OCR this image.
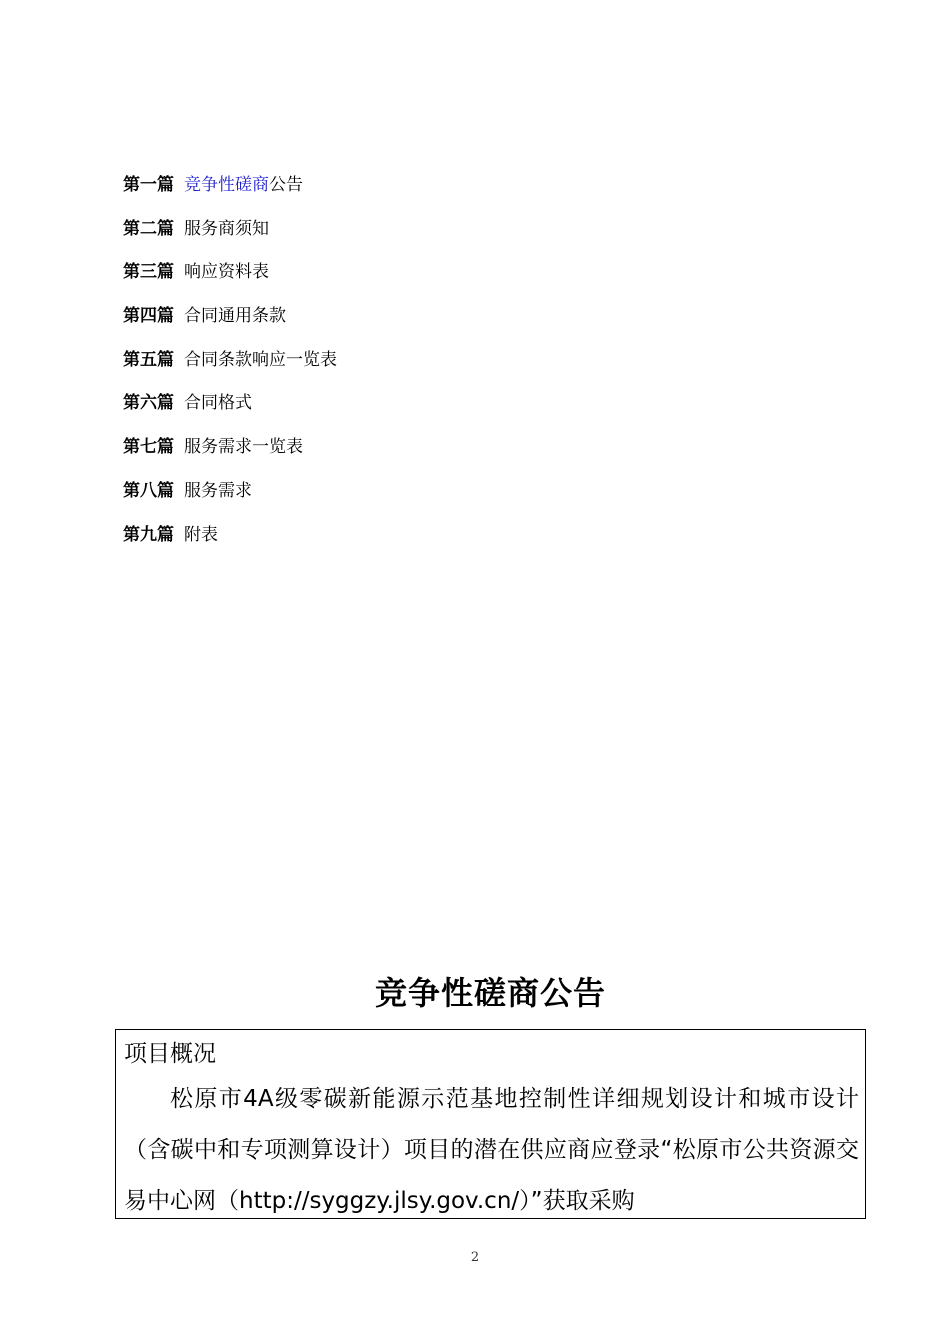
第一篇 竞争性磋商公告
第二篇 服务商须知
第三篇 响应资料表
第四篇 合同通用条款
第五篇 合同条款响应一览表
第六篇 合同格式
第七篇 服务需求一览表
第八篇 服务需求
第九篇 附表
竞争性磋商公告
项目概况

松原市4A级零碳新能源示范基地控制性详细规划设计和城市设计（含碳中和专项测算设计）项目的潜在供应商应登录“松原市公共资源交易中心网（http://syggzy.jlsy.gov.cn/）”获取采购

2
